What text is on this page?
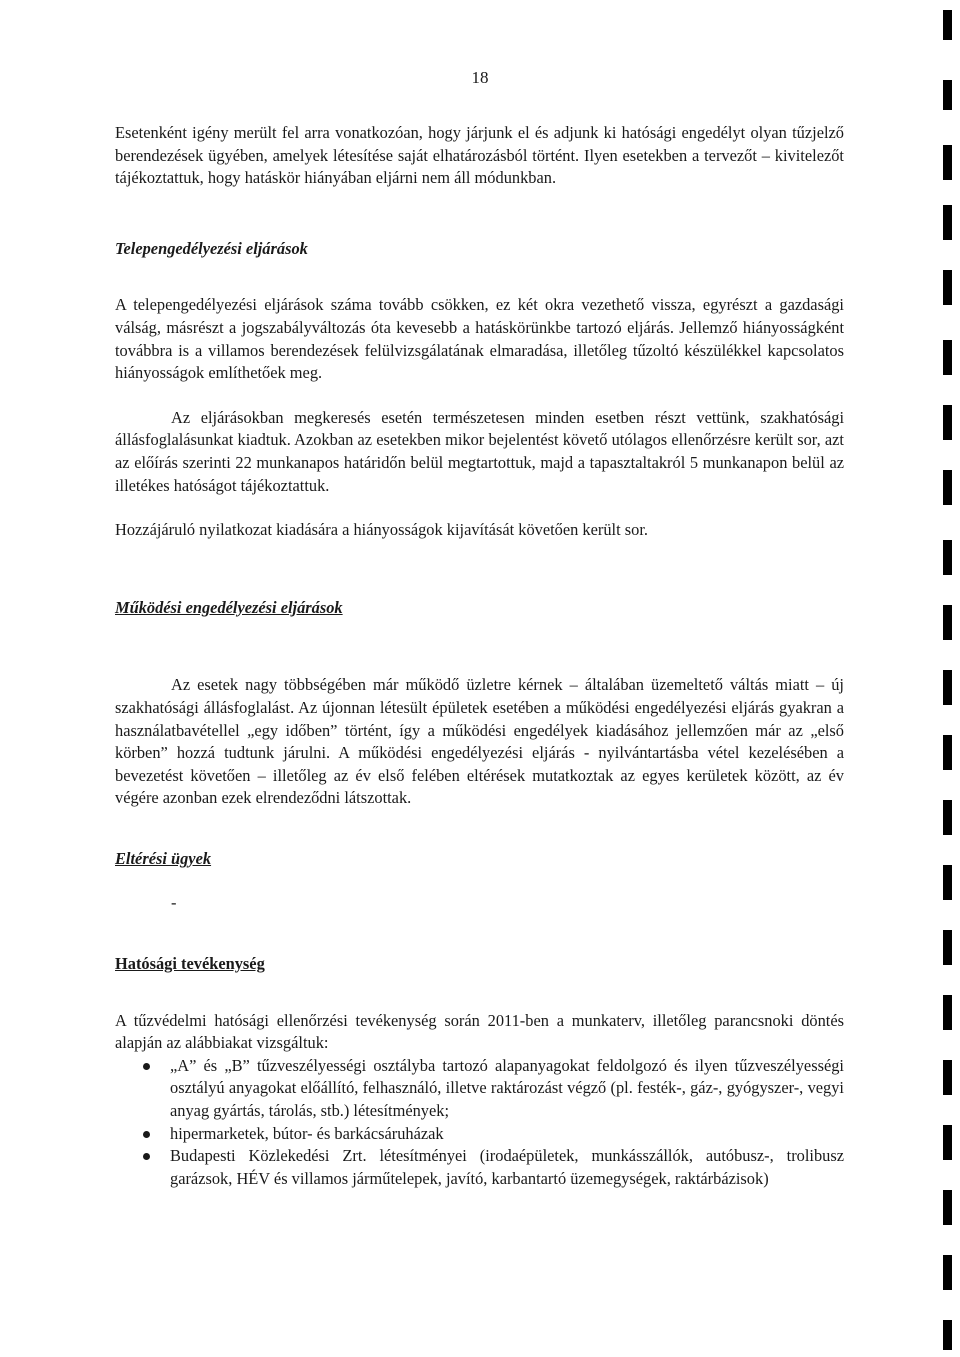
18

Esetenként igény merült fel arra vonatkozóan, hogy járjunk el és adjunk ki hatósági engedélyt olyan tűzjelző berendezések ügyében, amelyek létesítése saját elhatározásból történt. Ilyen esetekben a tervezőt – kivitelezőt tájékoztattuk, hogy hatáskör hiányában eljárni nem áll módunkban.

Telepengedélyezési eljárások

A telepengedélyezési eljárások száma tovább csökken, ez két okra vezethető vissza, egyrészt a gazdasági válság, másrészt a jogszabályváltozás óta kevesebb a hatáskörünkbe tartozó eljárás. Jellemző hiányosságként továbbra is a villamos berendezések felülvizsgálatának elmaradása, illetőleg tűzoltó készülékkel kapcsolatos hiányosságok említhetőek meg.

Az eljárásokban megkeresés esetén természetesen minden esetben részt vettünk, szakhatósági állásfoglalásunkat kiadtuk. Azokban az esetekben mikor bejelentést követő utólagos ellenőrzésre került sor, azt az előírás szerinti 22 munkanapos határidőn belül megtartottuk, majd a tapasztaltakról 5 munkanapon belül az illetékes hatóságot tájékoztattuk.

Hozzájáruló nyilatkozat kiadására a hiányosságok kijavítását követően került sor.

Működési engedélyezési eljárások

Az esetek nagy többségében már működő üzletre kérnek – általában üzemeltető váltás miatt – új szakhatósági állásfoglalást. Az újonnan létesült épületek esetében a működési engedélyezési eljárás gyakran a használatbavétellel „egy időben” történt, így a működési engedélyek kiadásához jellemzően már az „első körben” hozzá tudtunk járulni. A működési engedélyezési eljárás - nyilvántartásba vétel kezelésében a bevezetést követően – illetőleg az év első felében eltérések mutatkoztak az egyes kerületek között, az év végére azonban ezek elrendeződni látszottak.

Eltérési ügyek

-

Hatósági tevékenység

A tűzvédelmi hatósági ellenőrzési tevékenység során 2011-ben a munkaterv, illetőleg parancsnoki döntés alapján az alábbiakat vizsgáltuk:

„A” és „B” tűzveszélyességi osztályba tartozó alapanyagokat feldolgozó és ilyen tűzveszélyességi osztályú anyagokat előállító, felhasználó, illetve raktározást végző (pl. festék-, gáz-, gyógyszer-, vegyi anyag gyártás, tárolás, stb.) létesítmények;
hipermarketek, bútor- és barkácsáruházak
Budapesti Közlekedési Zrt. létesítményei (irodaépületek, munkásszállók, autóbusz-, trolibusz garázsok, HÉV és villamos járműtelepek, javító, karbantartó üzemegységek, raktárbázisok)
